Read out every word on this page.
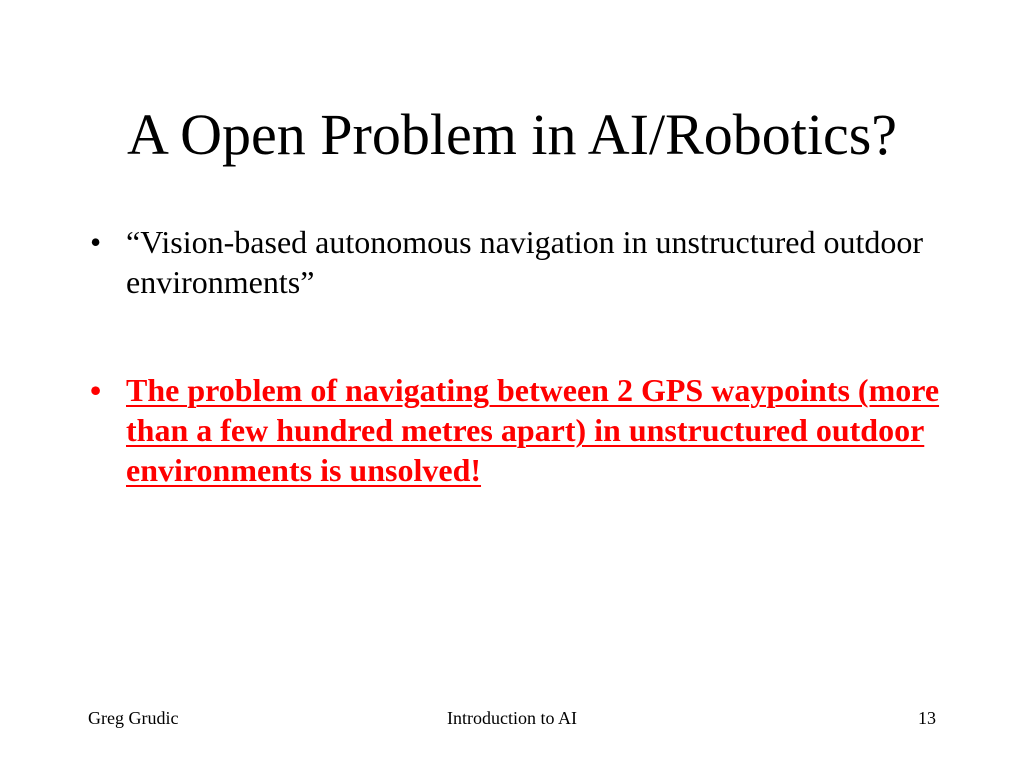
A Open Problem in AI/Robotics?
• “Vision-based autonomous navigation in unstructured outdoor environments”
• The problem of navigating between 2 GPS waypoints (more than a few hundred metres apart) in unstructured outdoor environments is unsolved!
Greg Grudic	Introduction to AI	13
